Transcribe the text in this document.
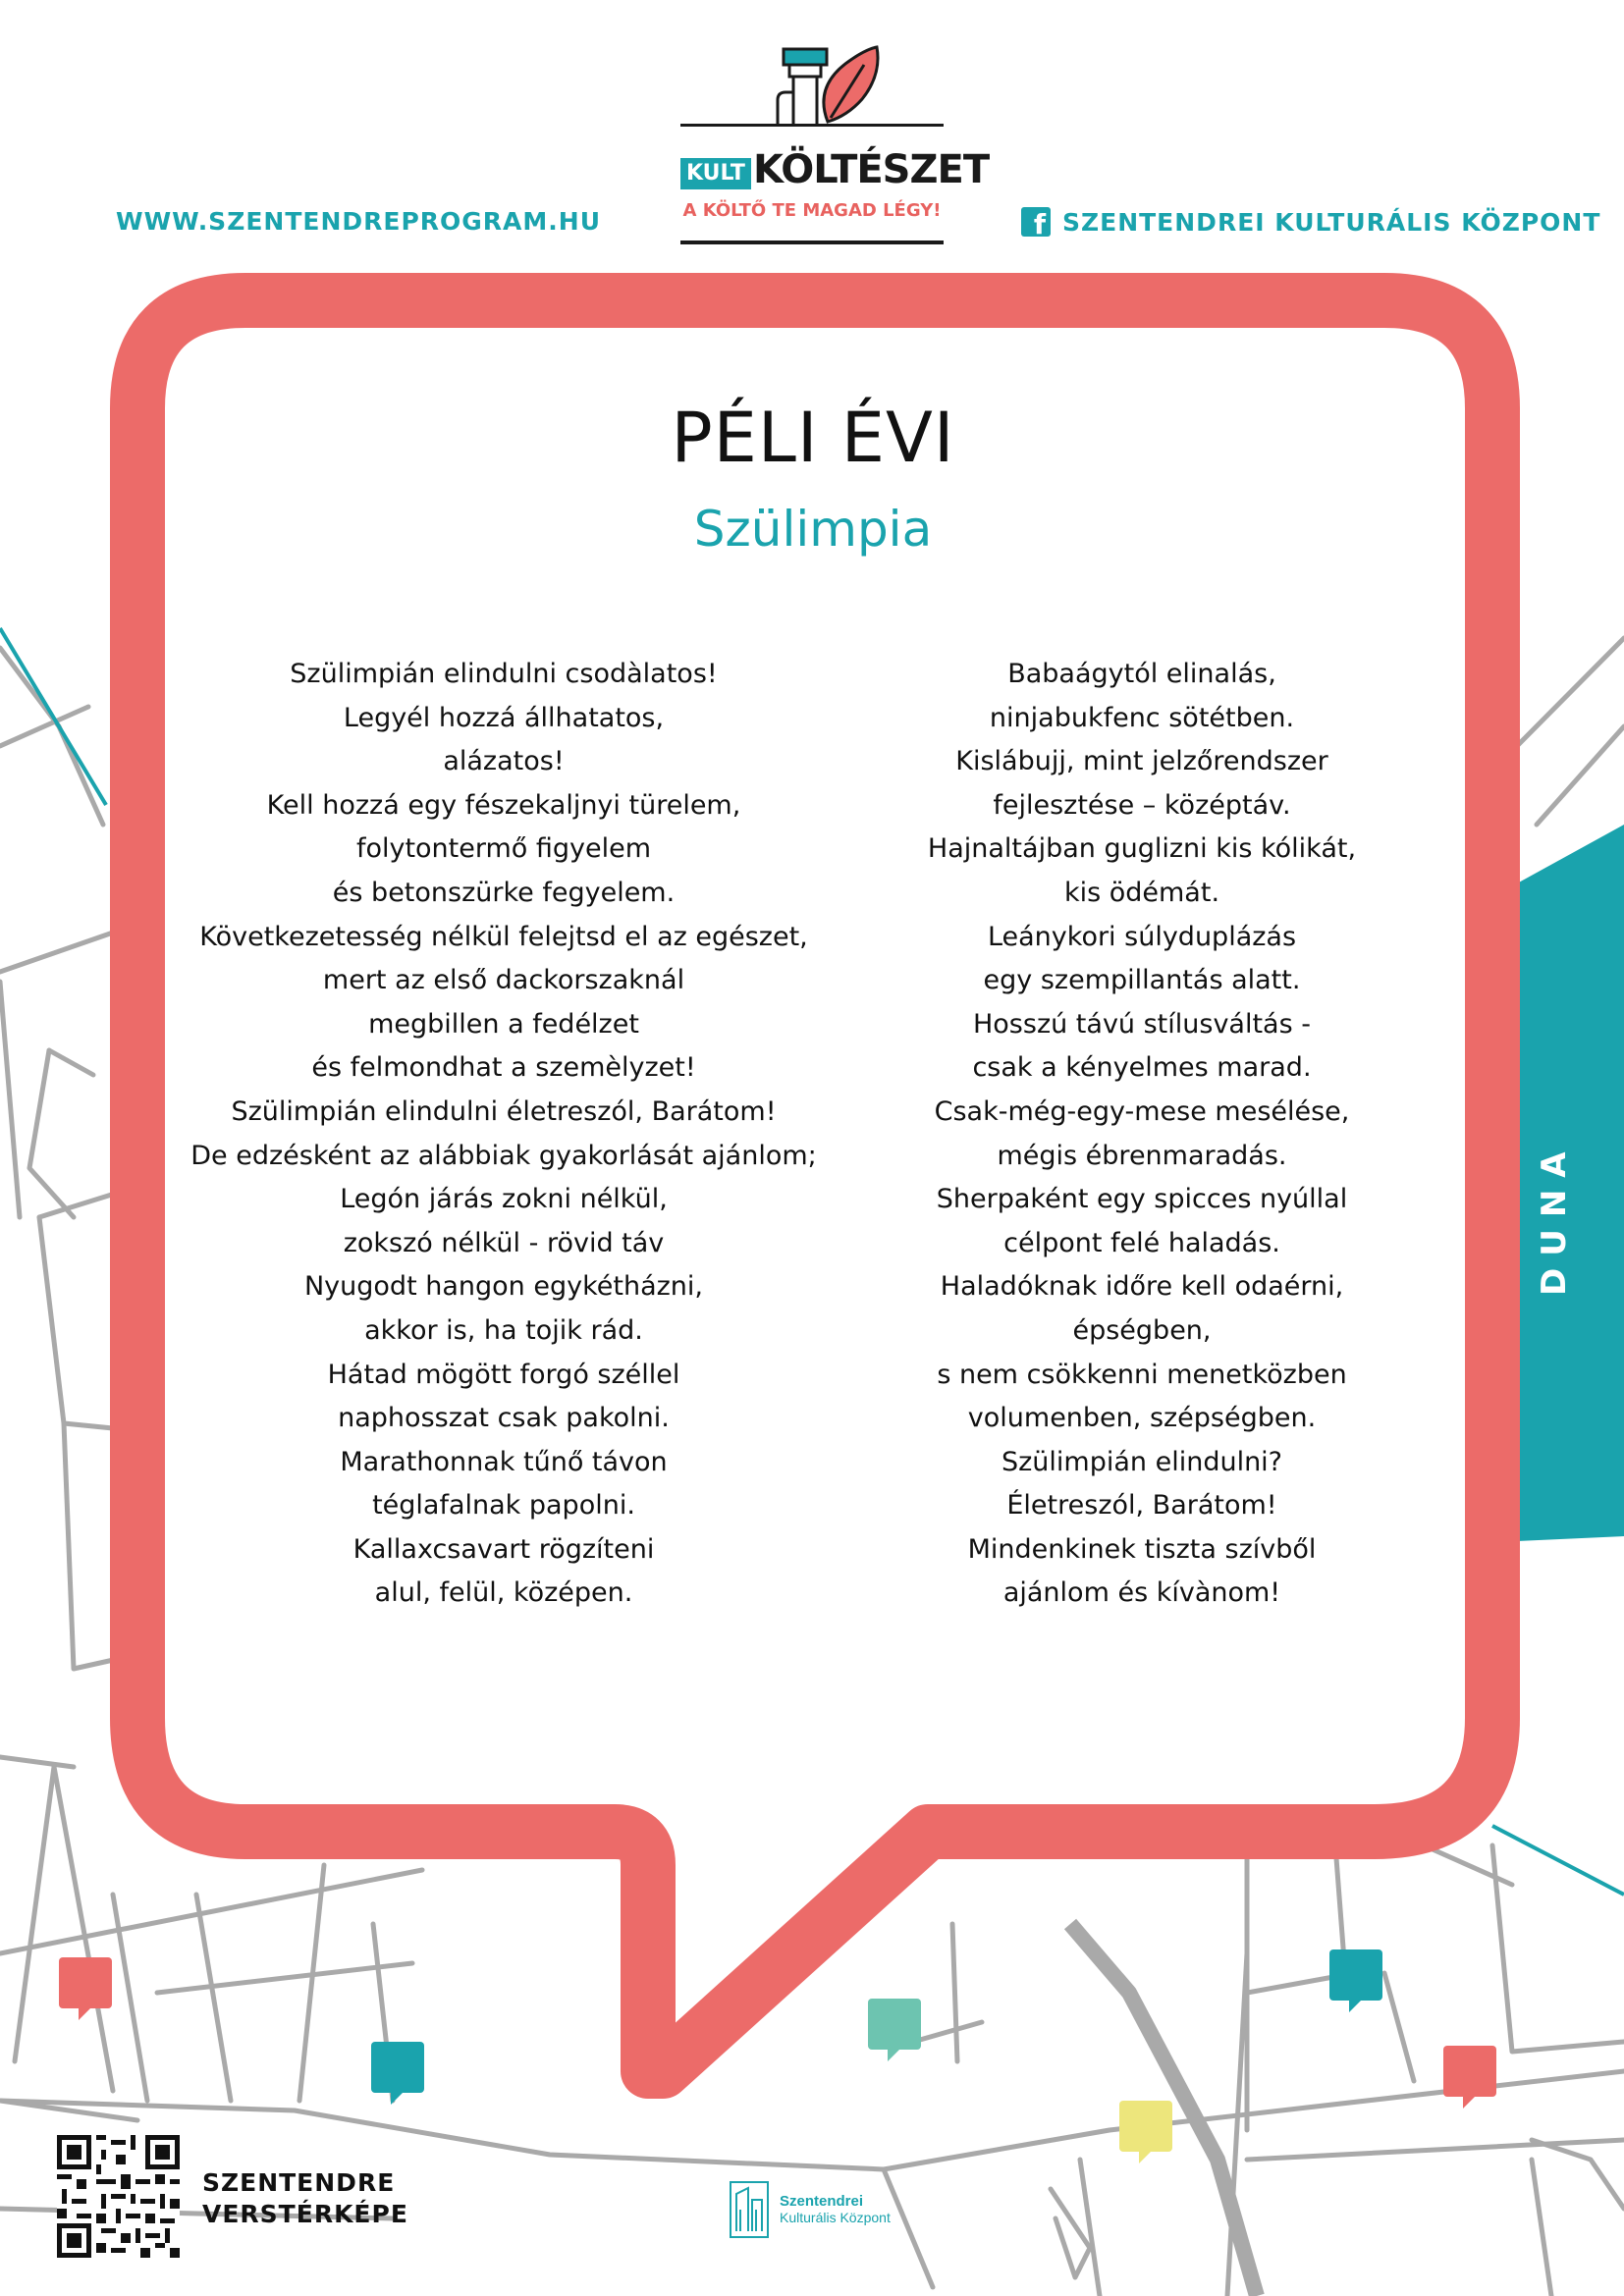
WWW.SZENTENDREPROGRAM.HU	f SZENTENDREI KULTURÁLIS KÖZPONT
KULT KÖLTÉSZET
A KÖLTŐ TE MAGAD LÉGY!
PÉLI ÉVI
Szülimpia
Szülimpián elindulni csodàlatos!
Legyél hozzá állhatatos,
alázatos!
Kell hozzá egy fészekaljnyi türelem,
folytontermő figyelem
és betonszürke fegyelem.
Következetesség nélkül felejtsd el az egészet,
mert az első dackorszaknál
megbillen a fedélzet
és felmondhat a szemèlyzet!
Szülimpián elindulni életreszól, Barátom!
De edzésként az alábbiak gyakorlását ajánlom;
Legón járás zokni nélkül,
zokszó nélkül - rövid táv
Nyugodt hangon egykétházni,
akkor is, ha tojik rád.
Hátad mögött forgó széllel
naphosszat csak pakolni.
Marathonnak tűnő távon
téglafalnak papolni.
Kallaxcsavart rögzíteni
alul, felül, középen.
Babaágytól elinalás,
ninjabukfenc sötétben.
Kislábujj, mint jelzőrendszer
fejlesztése – középtáv.
Hajnaltájban guglizni kis kólikát,
kis ödémát.
Leánykori súlyduplázás
egy szempillantás alatt.
Hosszú távú stílusváltás -
csak a kényelmes marad.
Csak-még-egy-mese mesélése,
mégis ébrenmaradás.
Sherpaként egy spicces nyúllal
célpont felé haladás.
Haladóknak időre kell odaérni,
épségben,
s nem csökkenni menetközben
volumenben, szépségben.
Szülimpián elindulni?
Életreszól, Barátom!
Mindenkinek tiszta szívből
ajánlom és kívànom!
DUNA
SZENTENDRE
VERSTÉRKÉPE	Szentendrei
Kulturális Központ
